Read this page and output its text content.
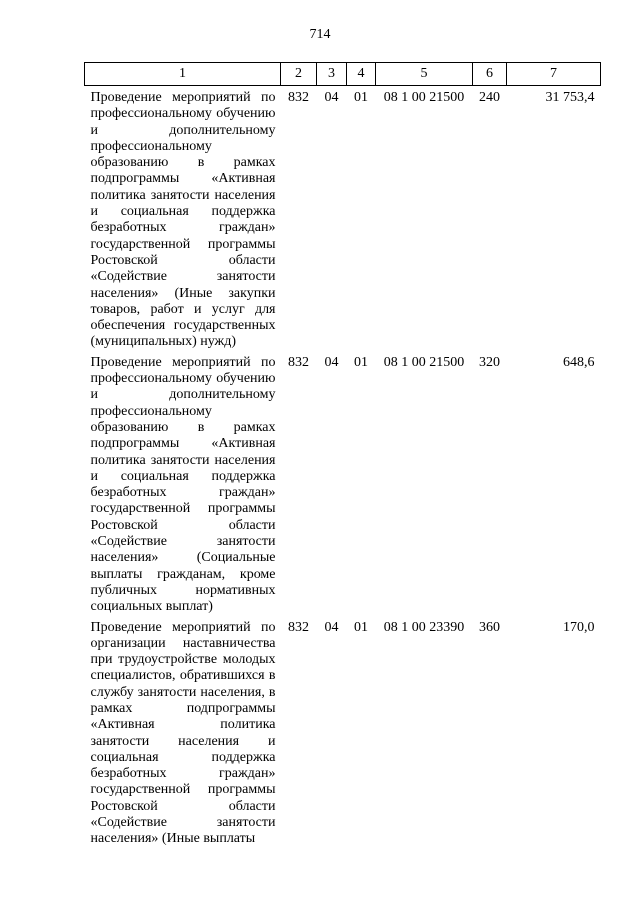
714
1	2	3	4	5	6	7
Проведение мероприятий по профессиональному обучению и дополнительному профессиональному образованию в рамках подпрограммы «Активная политика занятости населения и социальная поддержка безработных граждан» государственной программы Ростовской области «Содействие занятости населения» (Иные закупки товаров, работ и услуг для обеспечения государственных (муниципальных) нужд)	832	04	01	08 1 00 21500	240	31 753,4
Проведение мероприятий по профессиональному обучению и дополнительному профессиональному образованию в рамках подпрограммы «Активная политика занятости населения и социальная поддержка безработных граждан» государственной программы Ростовской области «Содействие занятости населения» (Социальные выплаты гражданам, кроме публичных нормативных социальных выплат)	832	04	01	08 1 00 21500	320	648,6
Проведение мероприятий по организации наставничества при трудоустройстве молодых специалистов, обратившихся в службу занятости населения, в рамках подпрограммы «Активная политика занятости населения и социальная поддержка безработных граждан» государственной программы Ростовской области «Содействие занятости населения» (Иные выплаты	832	04	01	08 1 00 23390	360	170,0
